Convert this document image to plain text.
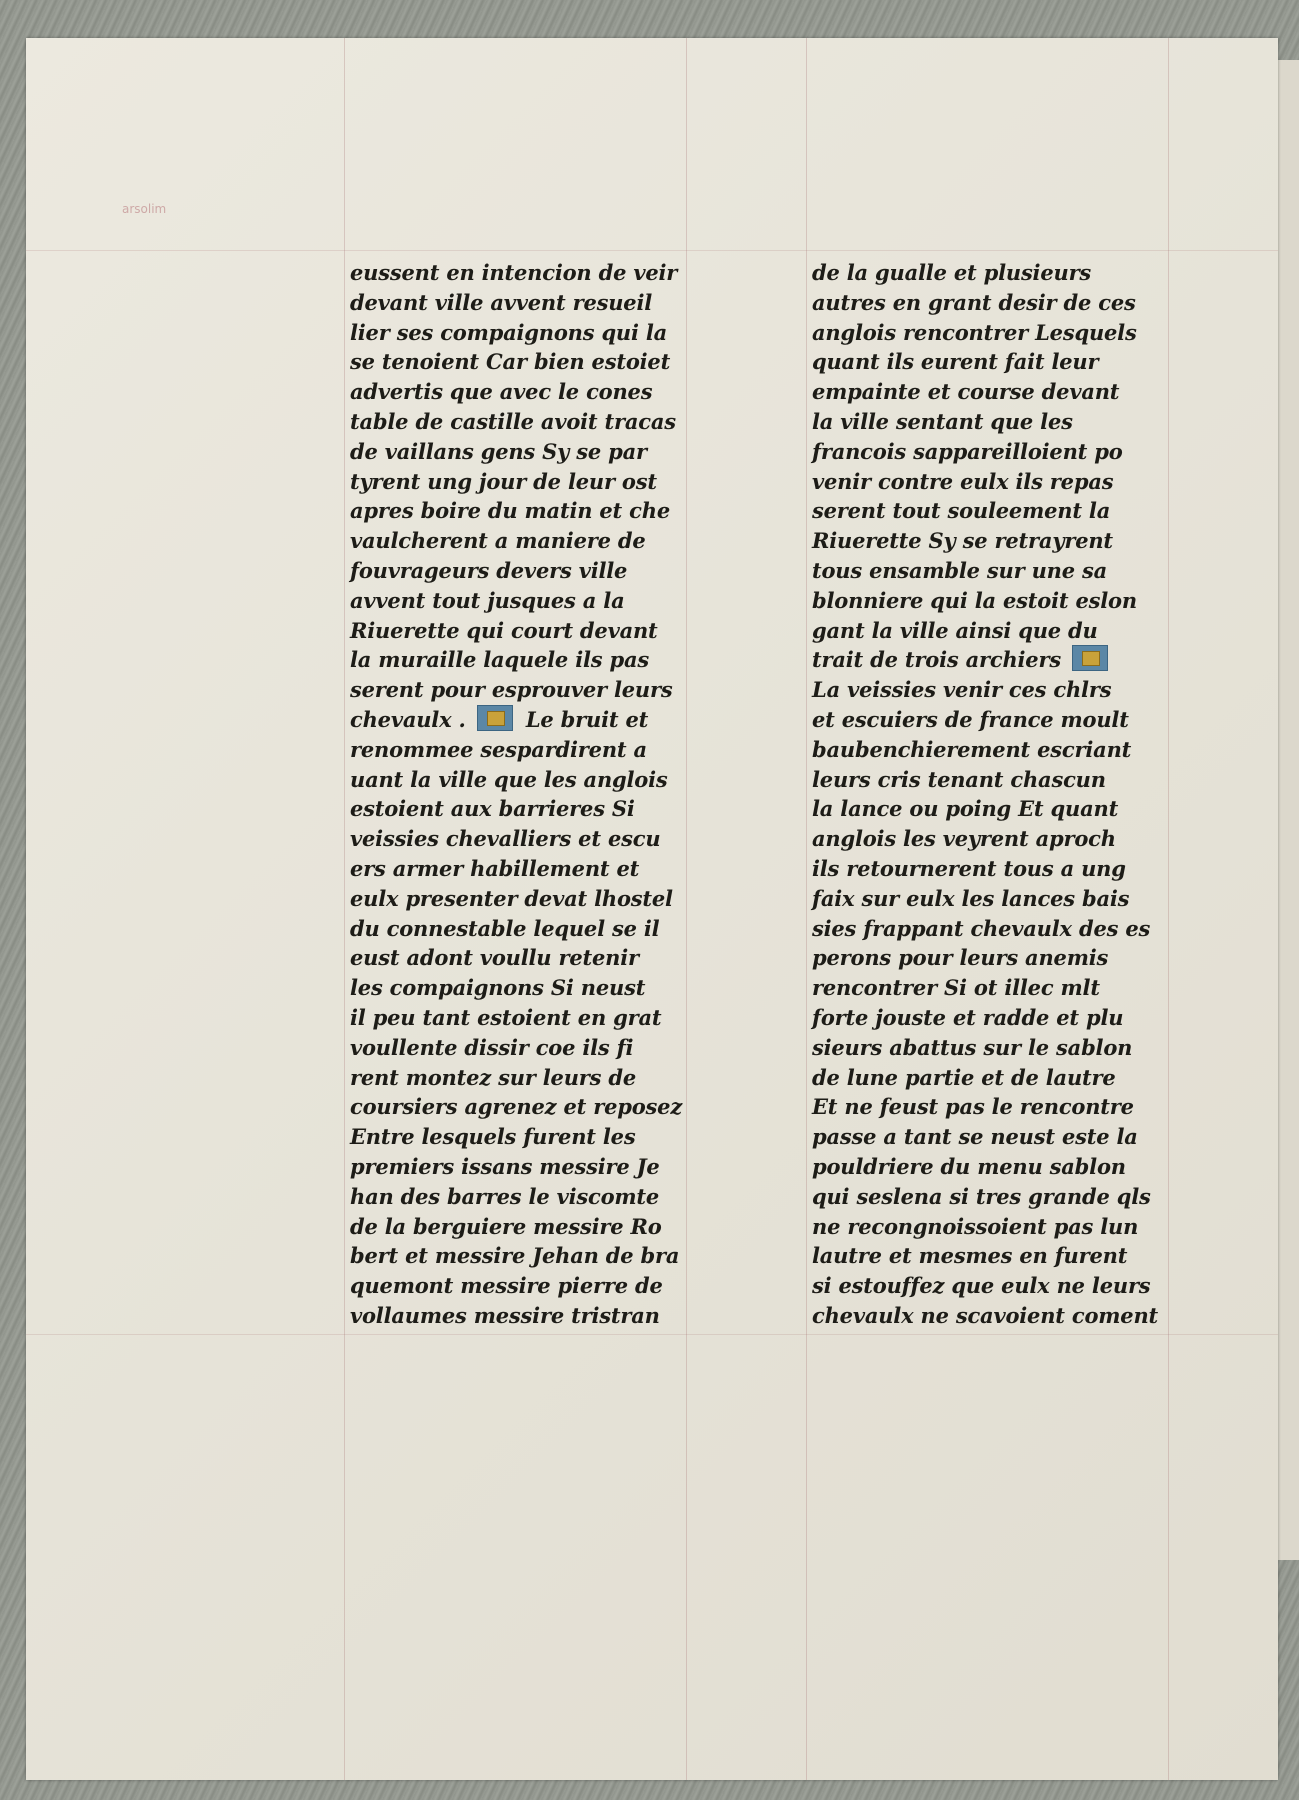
arsolim
eussent en intencion de veir
devant ville avvent resueil
lier ses compaignons qui la
se tenoient Car bien estoiet
advertis que avec le cones
table de castille avoit tracas
de vaillans gens Sy se par
tyrent ung jour de leur ost
apres boire du matin et che
vaulcherent a maniere de
fouvrageurs devers ville
avvent tout jusques a la
Riuerette qui court devant
la muraille laquele ils pas
serent pour esprouver leurs
chevaulx .  Le bruit et
renommee sespardirent a
uant la ville que les anglois
estoient aux barrieres Si
veissies chevalliers et escu
ers armer habillement et
eulx presenter devat lhostel
du connestable lequel se il
eust adont voullu retenir
les compaignons Si neust
il peu tant estoient en grat
voullente dissir coe ils fi
rent montez sur leurs de
coursiers agrenez et reposez
Entre lesquels furent les
premiers issans messire Je
han des barres le viscomte
de la berguiere messire Ro
bert et messire Jehan de bra
quemont messire pierre de
vollaumes messire tristran
de la gualle et plusieurs
autres en grant desir de ces
anglois rencontrer Lesquels
quant ils eurent fait leur
empainte et course devant
la ville sentant que les
francois sappareilloient po
venir contre eulx ils repas
serent tout souleement la
Riuerette Sy se retrayrent
tous ensamble sur une sa
blonniere qui la estoit eslon
gant la ville ainsi que du
trait de trois archiers
La veissies venir ces chlrs
et escuiers de france moult
baubenchierement escriant
leurs cris tenant chascun
la lance ou poing Et quant
anglois les veyrent aproch
ils retournerent tous a ung
faix sur eulx les lances bais
sies frappant chevaulx des es
perons pour leurs anemis
rencontrer Si ot illec mlt
forte jouste et radde et plu
sieurs abattus sur le sablon
de lune partie et de lautre
Et ne feust pas le rencontre
passe a tant se neust este la
pouldriere du menu sablon
qui seslena si tres grande qls
ne recongnoissoient pas lun
lautre et mesmes en furent
si estouffez que eulx ne leurs
chevaulx ne scavoient coment
